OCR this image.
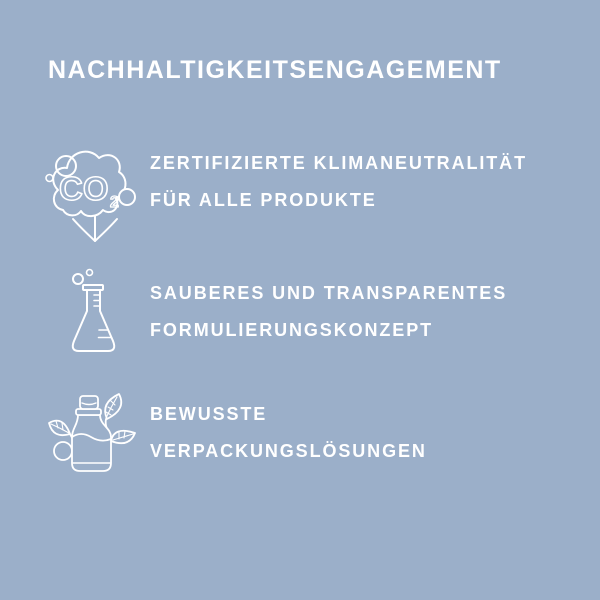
NACHHALTIGKEITSENGAGEMENT
CO 2
ZERTIFIZIERTE KLIMANEUTRALITÄT
FÜR ALLE PRODUKTE
SAUBERES UND TRANSPARENTES
FORMULIERUNGSKONZEPT
BEWUSSTE
VERPACKUNGSLÖSUNGEN
